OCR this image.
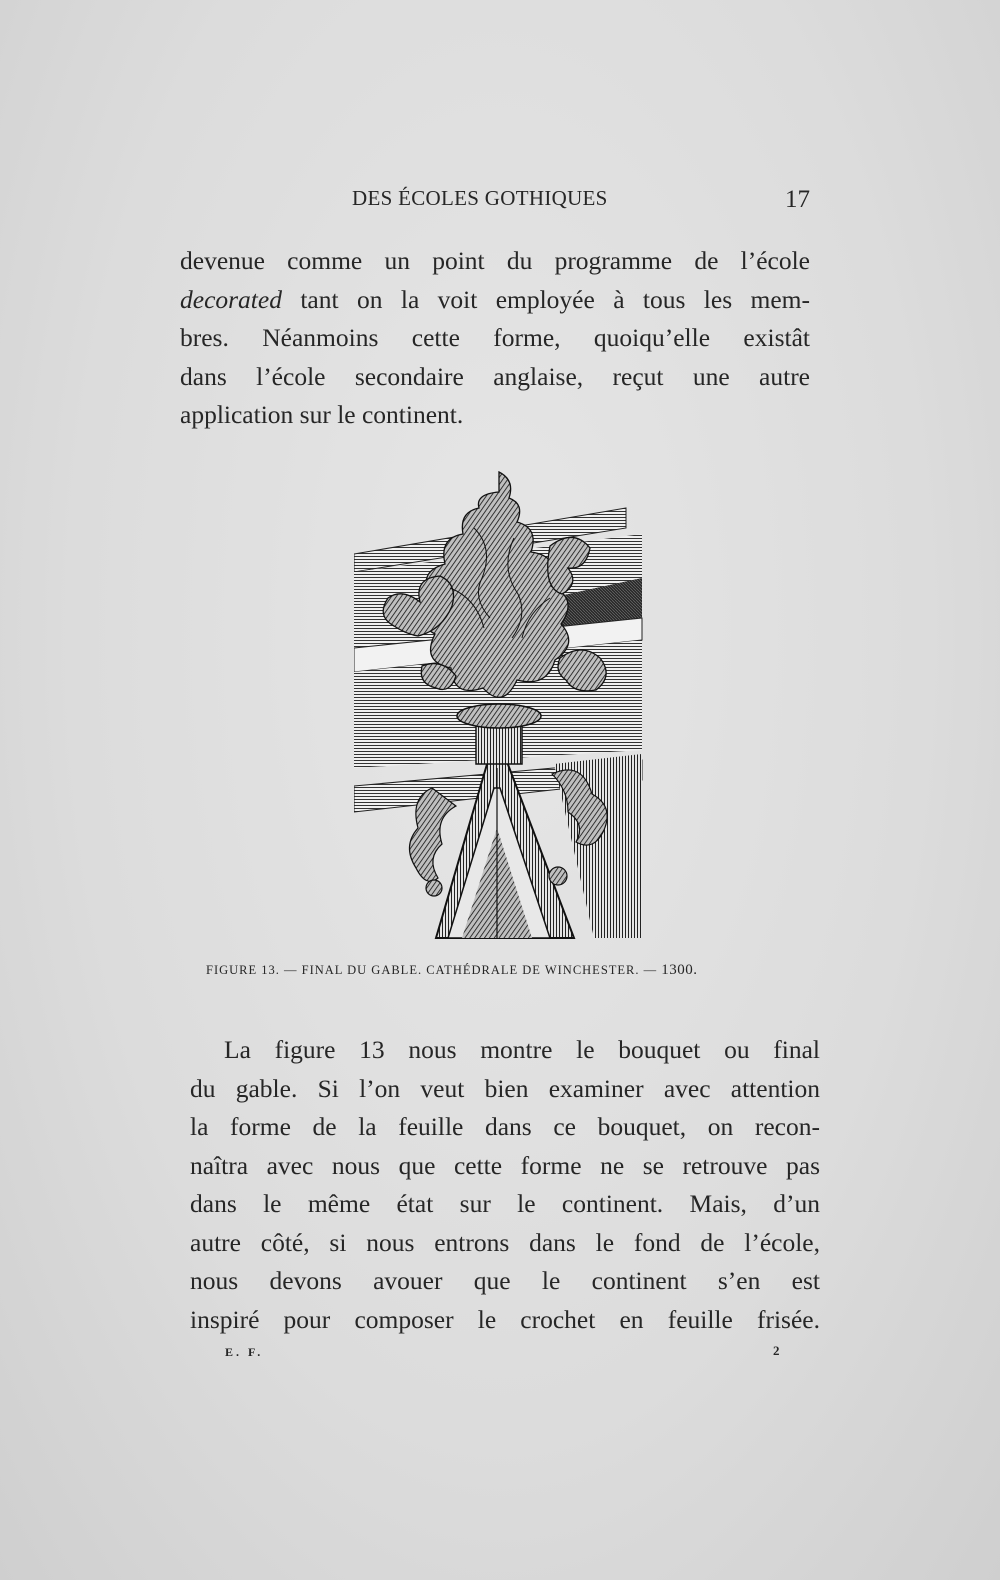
DES ÉCOLES GOTHIQUES	17
devenue comme un point du programme de l’école
decorated tant on la voit employée à tous les mem-
bres. Néanmoins cette forme, quoiqu’elle existât
dans l’école secondaire anglaise, reçut une autre
application sur le continent.
FIGURE 13. — FINAL DU GABLE. CATHÉDRALE DE WINCHESTER. — 1300.
La figure 13 nous montre le bouquet ou final
du gable. Si l’on veut bien examiner avec attention
la forme de la feuille dans ce bouquet, on recon-
naîtra avec nous que cette forme ne se retrouve pas
dans le même état sur le continent. Mais, d’un
autre côté, si nous entrons dans le fond de l’école,
nous devons avouer que le continent s’en est
inspiré pour composer le crochet en feuille frisée.
E. F.	2
